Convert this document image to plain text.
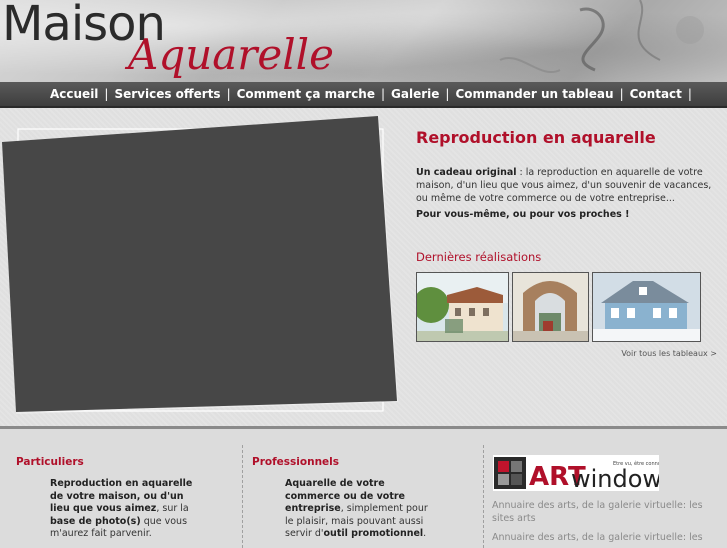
Maison
Aquarelle
Accueil | Services offerts | Comment ça marche | Galerie | Commander un tableau | Contact |
Reproduction en aquarelle
Un cadeau original : la reproduction en aquarelle de votre maison, d'un lieu que vous aimez, d'un souvenir de vacances, ou même de votre commerce ou de votre entreprise...
Pour vous-même, ou pour vos proches !
Dernières réalisations
Voir tous les tableaux >
Particuliers
Reproduction en aquarelle de votre maison, ou d'un lieu que vous aimez, sur la base de photo(s) que vous m'aurez fait parvenir.
Professionnels
Aquarelle de votre commerce ou de votre entreprise, simplement pour le plaisir, mais pouvant aussi servir d'outil promotionnel.
ART
window
Etre vu, être conn
Annuaire des arts, de la galerie virtuelle: les sites arts
Annuaire des arts, de la galerie virtuelle: les
